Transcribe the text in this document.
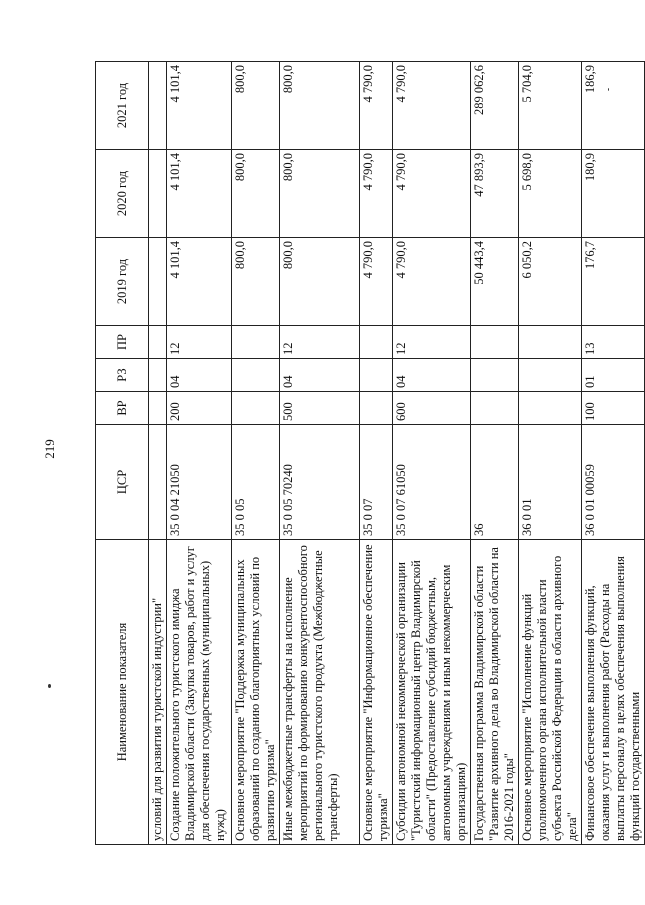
219
Наименование показателя	ЦСР	ВР	РЗ	ПР	2019 год	2020 год	2021 год
условий для развития туристской индустрии"							
Создание положительного туристского имиджа Владимирской области (Закупка товаров, работ и услуг для обеспечения государственных (муниципальных) нужд)	35 0 04 21050	200	04	12	4 101,4	4 101,4	4 101,4
Основное мероприятие "Поддержка муниципальных образований по созданию благоприятных условий по развитию туризма"	35 0 05				800,0	800,0	800,0
Иные межбюджетные трансферты на исполнение мероприятий по формированию конкурентоспособного регионального туристского продукта (Межбюджетные трансферты)	35 0 05 70240	500	04	12	800,0	800,0	800,0
Основное мероприятие "Информационное обеспечение туризма"	35 0 07				4 790,0	4 790,0	4 790,0
Субсидии автономной некоммерческой организации "Туристский информационный центр Владимирской области" (Предоставление субсидий бюджетным, автономным учреждениям и иным некоммерческим организациям)	35 0 07 61050	600	04	12	4 790,0	4 790,0	4 790,0
Государственная программа Владимирской области "Развитие архивного дела во Владимирской области на 2016-2021 годы"	36				50 443,4	47 893,9	289 062,6
Основное мероприятие "Исполнение функций уполномоченного органа исполнительной власти субъекта Российской Федерации в области архивного дела"	36 0 01				6 050,2	5 698,0	5 704,0
Финансовое обеспечение выполнения функций, оказания услуг и выполнения работ (Расходы на выплаты персоналу в целях обеспечения выполнения функций государственными	36 0 01 00059	100	01	13	176,7	180,9	186,9
